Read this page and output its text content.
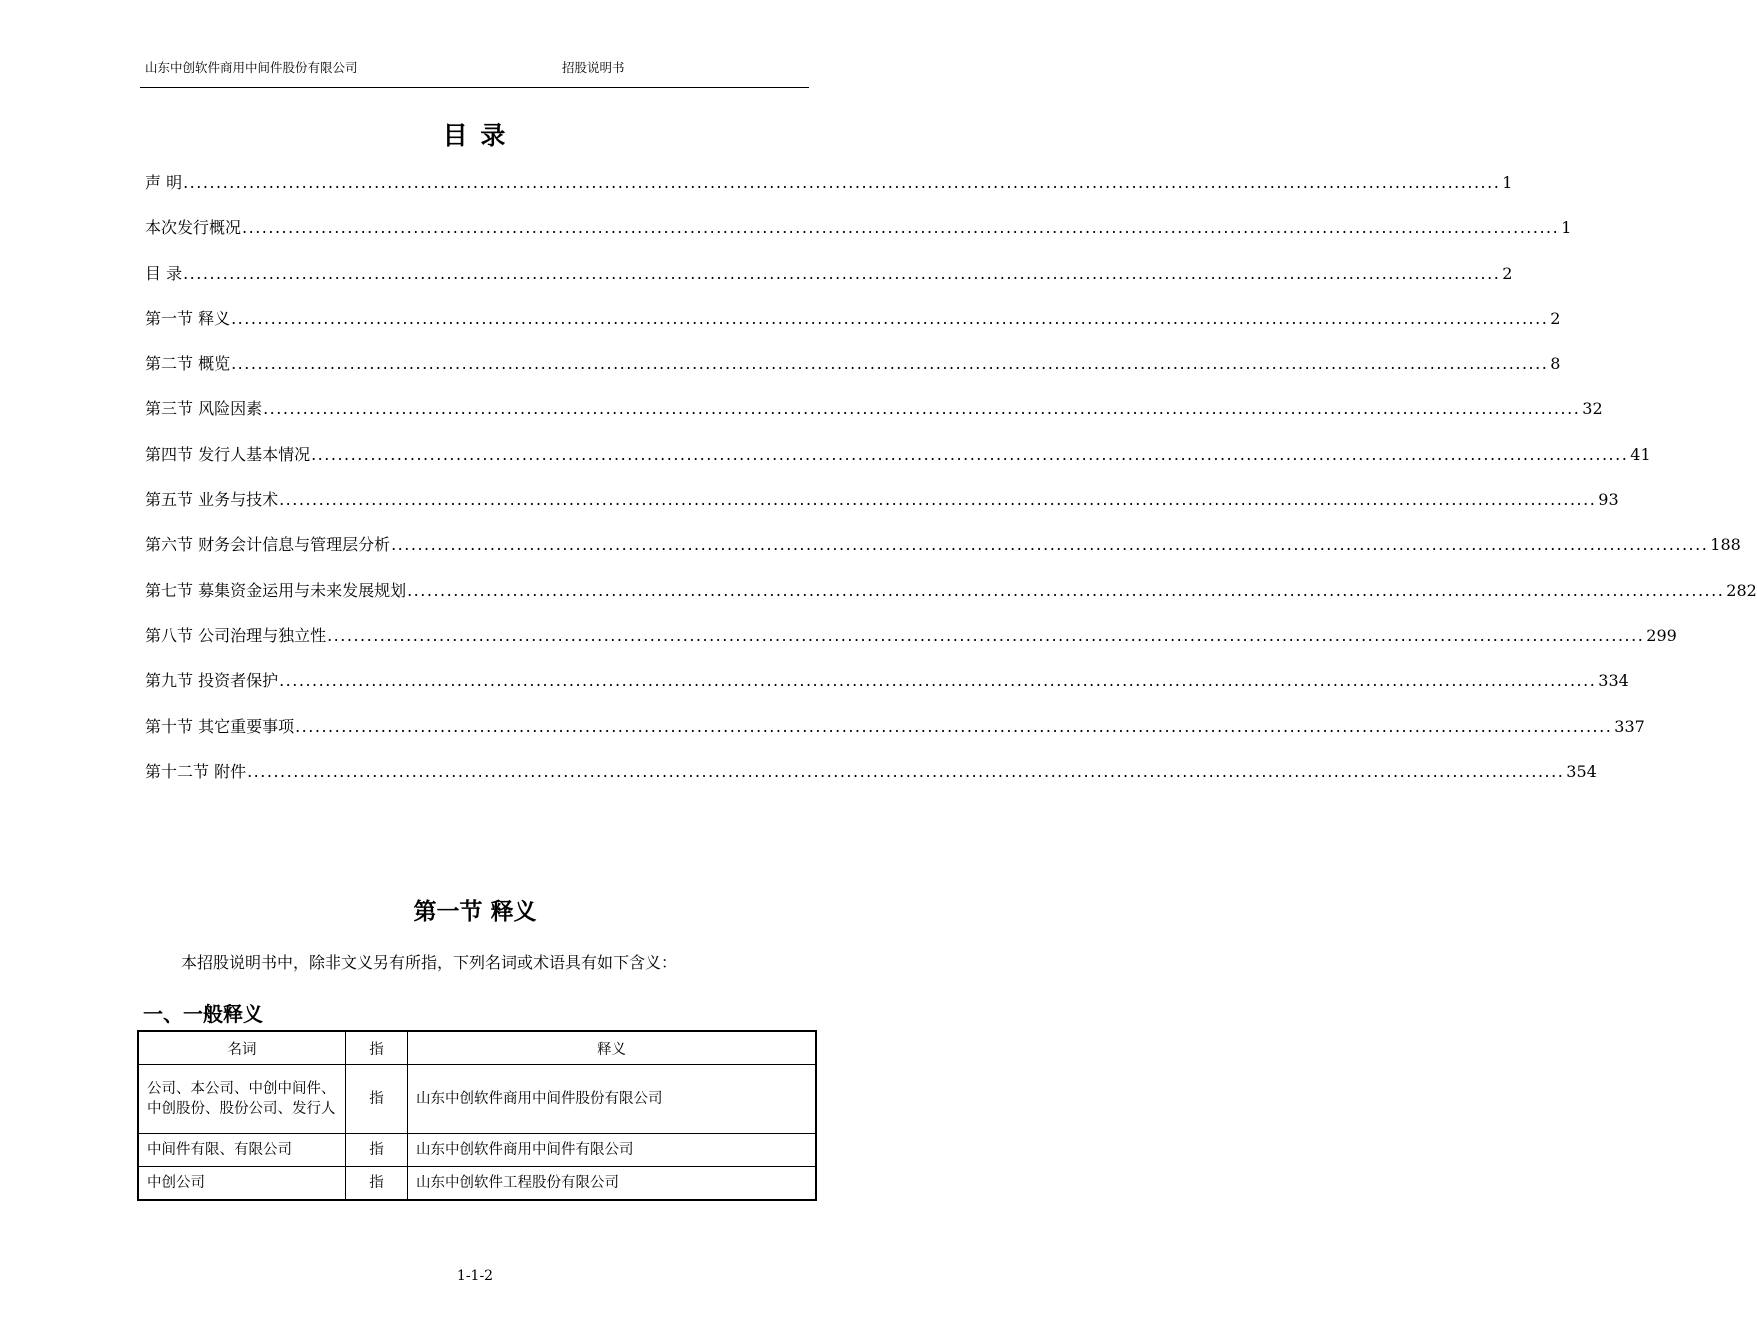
山东中创软件商用中间件股份有限公司	招股说明书
目 录
声 明 ........................................................................................................................................................................................................ 1
本次发行概况 ........................................................................................................................................................................................................ 1
目 录 ........................................................................................................................................................................................................ 2
第一节 释义 ........................................................................................................................................................................................................ 2
第二节 概览 ........................................................................................................................................................................................................ 8
第三节 风险因素 ........................................................................................................................................................................................................ 32
第四节 发行人基本情况 ........................................................................................................................................................................................................ 41
第五节 业务与技术 ........................................................................................................................................................................................................ 93
第六节 财务会计信息与管理层分析 ........................................................................................................................................................................................................ 188
第七节 募集资金运用与未来发展规划 ........................................................................................................................................................................................................ 282
第八节 公司治理与独立性 ........................................................................................................................................................................................................ 299
第九节 投资者保护 ........................................................................................................................................................................................................ 334
第十节 其它重要事项 ........................................................................................................................................................................................................ 337
第十二节 附件 ........................................................................................................................................................................................................ 354
第一节 释义
本招股说明书中，除非文义另有所指，下列名词或术语具有如下含义：
一、一般释义
名词	指	释义
公司、本公司、中创中间件、中创股份、股份公司、发行人	指	山东中创软件商用中间件股份有限公司
中间件有限、有限公司	指	山东中创软件商用中间件有限公司
中创公司	指	山东中创软件工程股份有限公司
1-1-2
